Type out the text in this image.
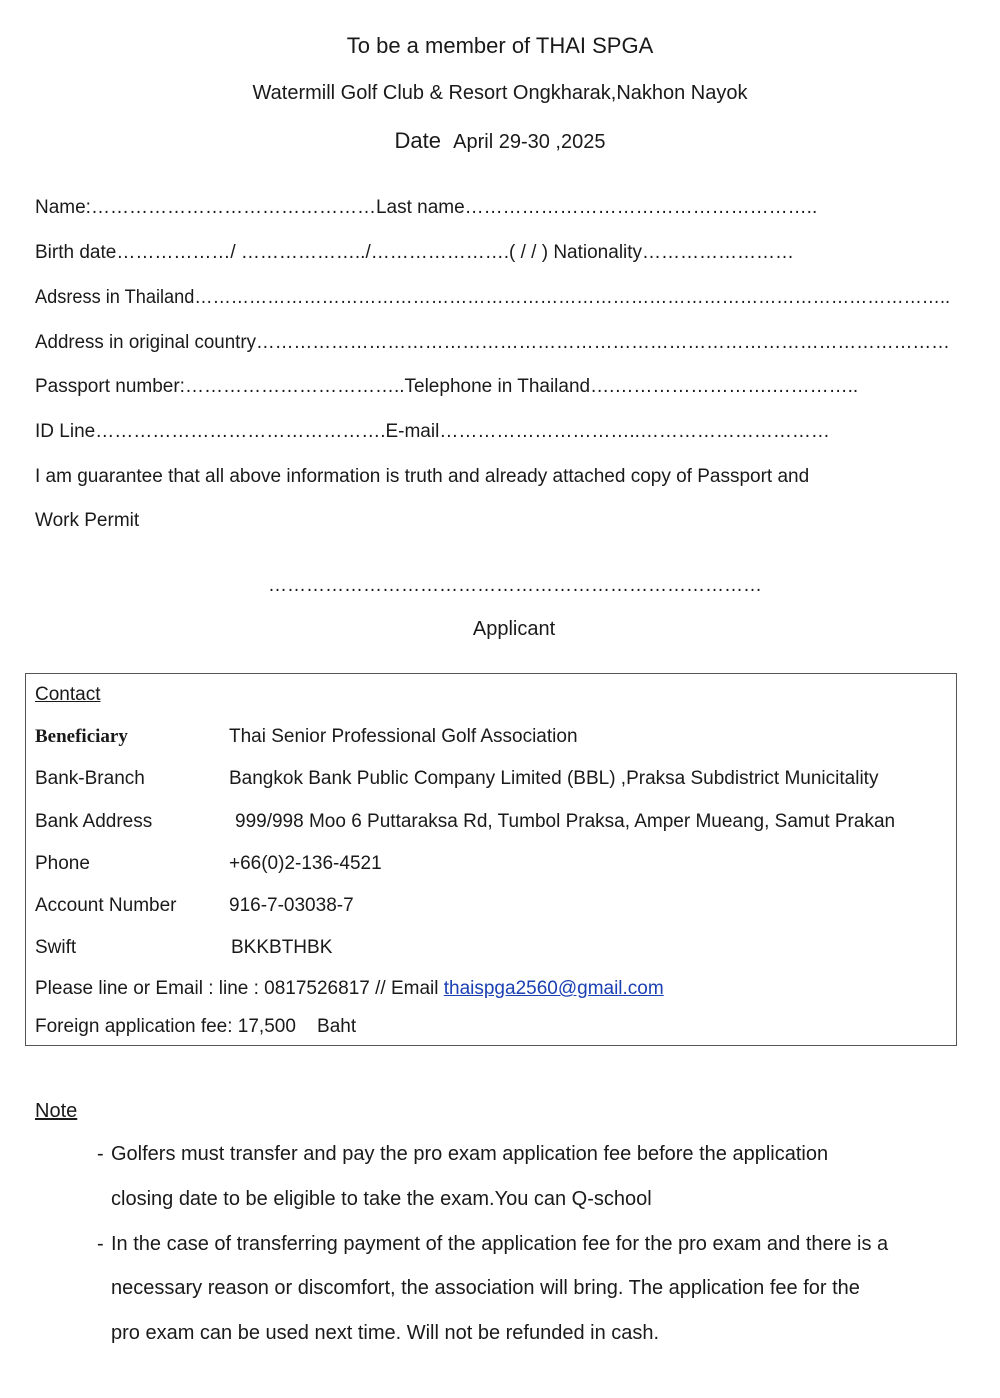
To be a member of THAI SPGA
Watermill Golf Club & Resort Ongkharak,Nakhon Nayok
Date April 29-30 ,2025
Name:………………………………………Last name………………………………………………..
Birth date………………/ ………………../………………….( / / ) Nationality……………………
Adsress in Thailand……………………………………………………………………………………………………………..
Address in original country…………………………………………………………………………………………………
Passport number:……………………………..Telephone in Thailand….…………………….…………..
ID Line……………………………………….E-mail…………………………..…………………………
I am guarantee that all above information is truth and already attached copy of Passport and
Work Permit
……………………………………………………………………
Applicant
Contact
Beneficiary	Thai Senior Professional Golf Association
Bank-Branch	Bangkok Bank Public Company Limited (BBL) ,Praksa Subdistrict Municitality
Bank Address	999/998 Moo 6 Puttaraksa Rd, Tumbol Praksa, Amper Mueang, Samut Prakan
Phone	+66(0)2-136-4521
Account Number	916-7-03038-7
Swift	BKKBTHBK
Please line or Email : line : 0817526817 // Email thaispga2560@gmail.com
Foreign application fee: 17,500    Baht
Note
- Golfers must transfer and pay the pro exam application fee before the application
closing date to be eligible to take the exam.You can Q-school
- In the case of transferring payment of the application fee for the pro exam and there is a
necessary reason or discomfort, the association will bring. The application fee for the
pro exam can be used next time. Will not be refunded in cash.
